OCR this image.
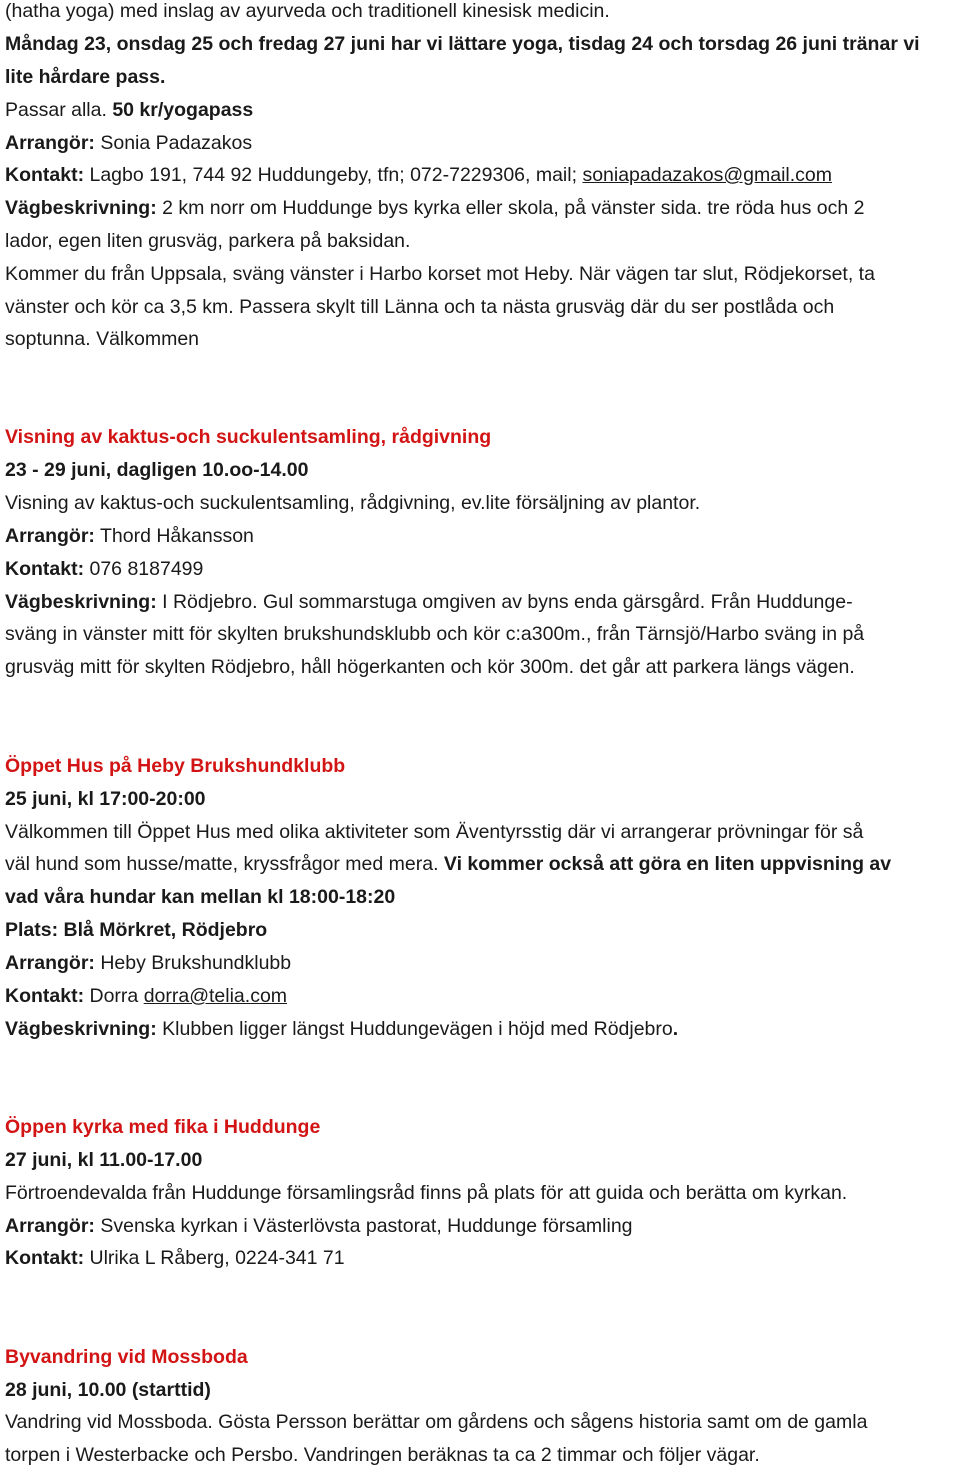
(hatha yoga) med inslag av ayurveda och traditionell kinesisk medicin.
Måndag 23, onsdag 25 och fredag 27 juni har vi lättare yoga, tisdag 24 och torsdag 26 juni tränar vi
lite hårdare pass.
Passar alla. 50 kr/yogapass
Arrangör: Sonia Padazakos
Kontakt: Lagbo 191, 744 92 Huddungeby, tfn; 072-7229306, mail; soniapadazakos@gmail.com
Vägbeskrivning: 2 km norr om Huddunge bys kyrka eller skola, på vänster sida. tre röda hus och 2
lador, egen liten grusväg, parkera på baksidan.
Kommer du från Uppsala, sväng vänster i Harbo korset mot Heby. När vägen tar slut, Rödjekorset, ta
vänster och kör ca 3,5 km. Passera skylt till Länna och ta nästa grusväg där du ser postlåda och
soptunna. Välkommen
Visning av kaktus-och suckulentsamling, rådgivning
23 - 29 juni, dagligen 10.oo-14.00
Visning av kaktus-och suckulentsamling, rådgivning, ev.lite försäljning av plantor.
Arrangör: Thord Håkansson
Kontakt: 076 8187499
Vägbeskrivning: I Rödjebro. Gul sommarstuga omgiven av byns enda gärsgård. Från Huddunge-
sväng in vänster mitt för skylten brukshundsklubb och kör c:a300m., från Tärnsjö/Harbo sväng in på
grusväg mitt för skylten Rödjebro, håll högerkanten och kör 300m. det går att parkera längs vägen.
Öppet Hus på Heby Brukshundklubb
25 juni, kl 17:00-20:00
Välkommen till Öppet Hus med olika aktiviteter som Äventyrsstig där vi arrangerar prövningar för så
väl hund som husse/matte, kryssfrågor med mera. Vi kommer också att göra en liten uppvisning av
vad våra hundar kan mellan kl 18:00-18:20
Plats: Blå Mörkret, Rödjebro
Arrangör: Heby Brukshundklubb
Kontakt: Dorra dorra@telia.com
Vägbeskrivning: Klubben ligger längst Huddungevägen i höjd med Rödjebro.
Öppen kyrka med fika i Huddunge
27 juni, kl 11.00-17.00
Förtroendevalda från Huddunge församlingsråd finns på plats för att guida och berätta om kyrkan.
Arrangör: Svenska kyrkan i Västerlövsta pastorat, Huddunge församling
Kontakt: Ulrika L Råberg, 0224-341 71
Byvandring vid Mossboda
28 juni, 10.00 (starttid)
Vandring vid Mossboda. Gösta Persson berättar om gårdens och sågens historia samt om de gamla
torpen i Westerbacke och Persbo. Vandringen beräknas ta ca 2 timmar och följer vägar.
